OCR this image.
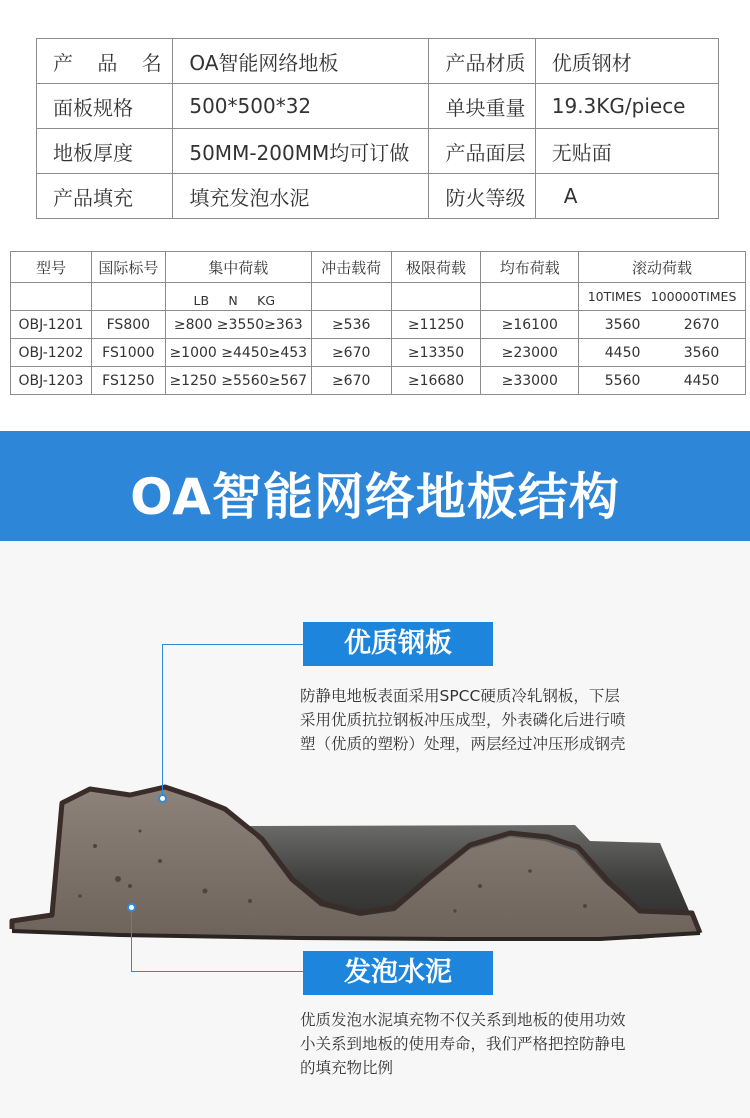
产 品 名	OA智能网络地板	产品材质	优质钢材
面板规格	500*500*32	单块重量	19.3KG/piece
地板厚度	50MM-200MM均可订做	产品面层	无贴面
产品填充	填充发泡水泥	防火等级	A
型号	国际标号	集中荷载	冲击载荷	极限荷载	均布荷载	滚动荷载

		LB N KG				10TIMES 100000TIMES

OBJ-1201	FS800	≥800 ≥3550≥363	≥536	≥11250	≥16100	3560 2670

OBJ-1202	FS1000	≥1000 ≥4450≥453	≥670	≥13350	≥23000	4450 3560

OBJ-1203	FS1250	≥1250 ≥5560≥567	≥670	≥16680	≥33000	5560 4450
OA智能网络地板结构
优质钢板
防静电地板表面采用SPCC硬质冷轧钢板，下层
采用优质抗拉钢板冲压成型，外表磷化后进行喷
塑（优质的塑粉）处理，两层经过冲压形成钢壳
发泡水泥
优质发泡水泥填充物不仅关系到地板的使用功效
小关系到地板的使用寿命，我们严格把控防静电
的填充物比例
